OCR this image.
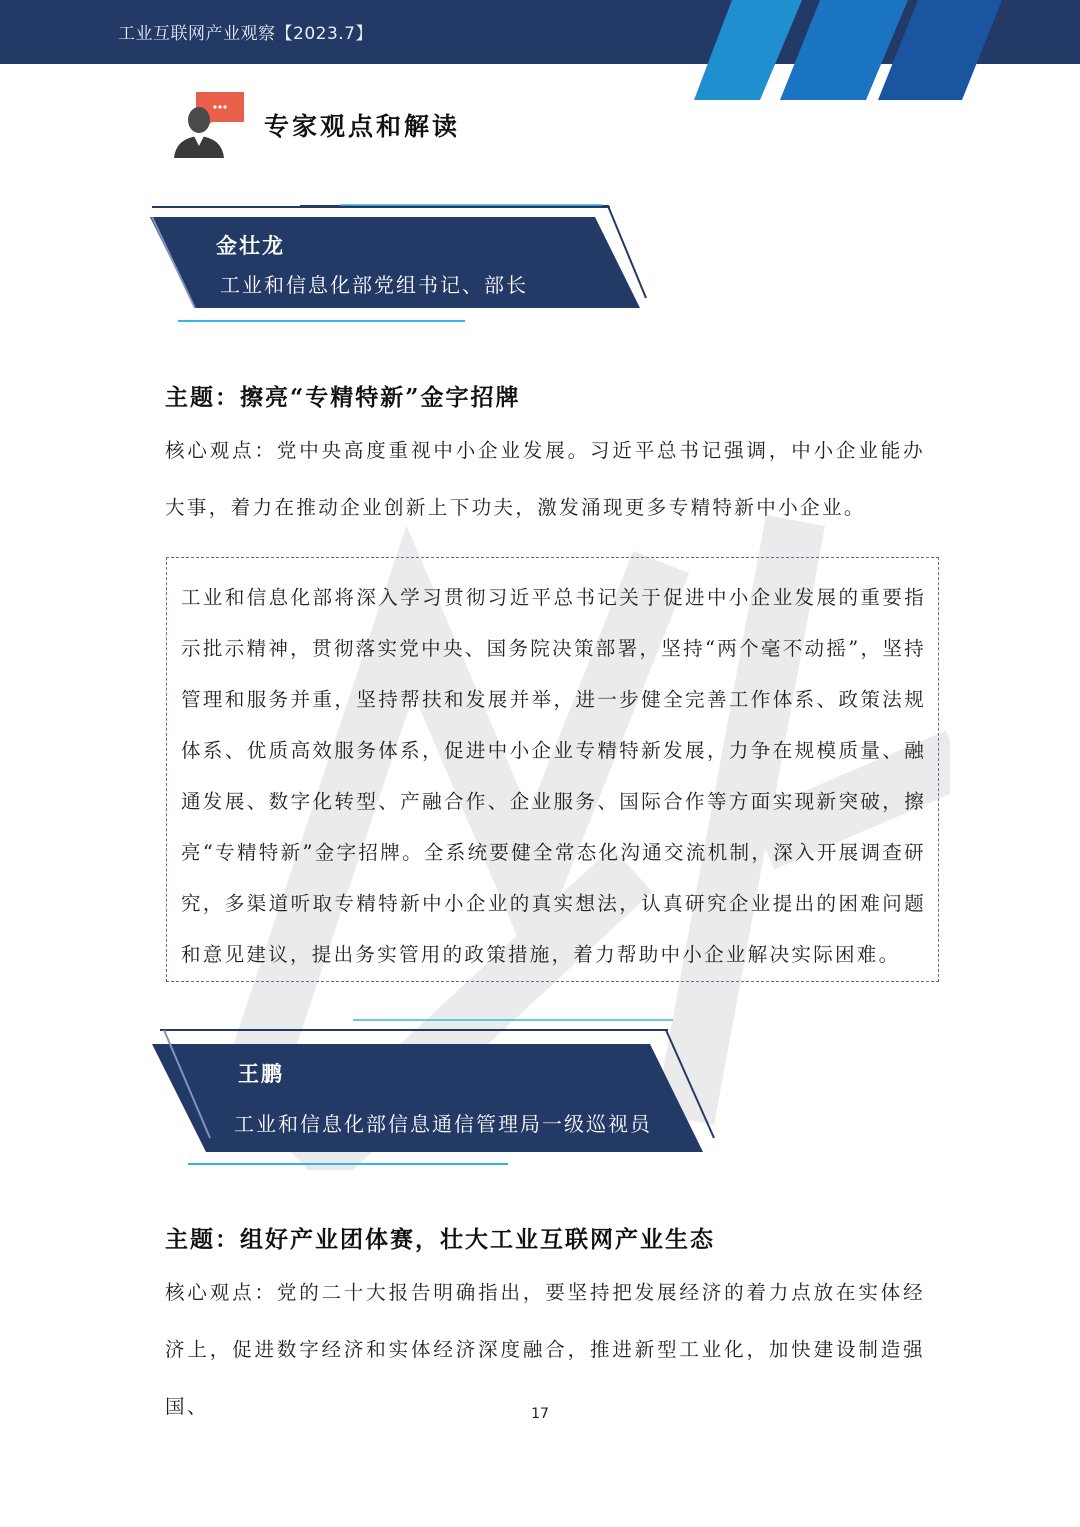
工业互联网产业观察【2023.7】
专家观点和解读
金壮龙
工业和信息化部党组书记、部长
主题：擦亮“专精特新”金字招牌
核心观点：党中央高度重视中小企业发展。习近平总书记强调，中小企业能办大事，着力在推动企业创新上下功夫，激发涌现更多专精特新中小企业。
工业和信息化部将深入学习贯彻习近平总书记关于促进中小企业发展的重要指示批示精神，贯彻落实党中央、国务院决策部署，坚持“两个毫不动摇”，坚持管理和服务并重，坚持帮扶和发展并举，进一步健全完善工作体系、政策法规体系、优质高效服务体系，促进中小企业专精特新发展，力争在规模质量、融通发展、数字化转型、产融合作、企业服务、国际合作等方面实现新突破，擦亮“专精特新”金字招牌。全系统要健全常态化沟通交流机制，深入开展调查研究，多渠道听取专精特新中小企业的真实想法，认真研究企业提出的困难问题和意见建议，提出务实管用的政策措施，着力帮助中小企业解决实际困难。
王鹏
工业和信息化部信息通信管理局一级巡视员
主题：组好产业团体赛，壮大工业互联网产业生态
核心观点：党的二十大报告明确指出，要坚持把发展经济的着力点放在实体经济上，促进数字经济和实体经济深度融合，推进新型工业化，加快建设制造强国、	17
